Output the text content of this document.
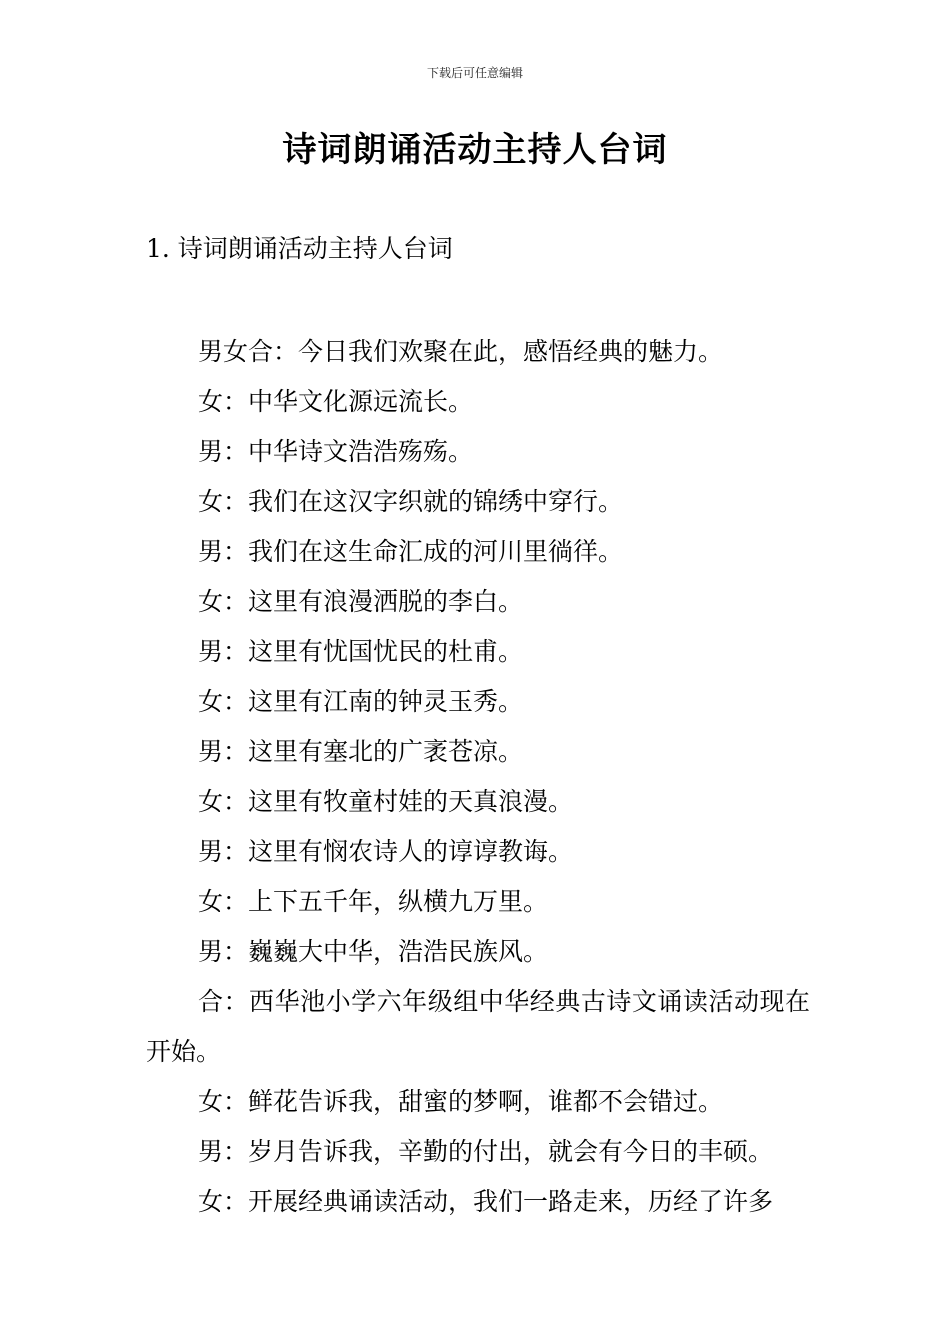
下载后可任意编辑
诗词朗诵活动主持人台词
1. 诗词朗诵活动主持人台词

男女合：今日我们欢聚在此，感悟经典的魅力。

女：中华文化源远流长。

男：中华诗文浩浩殇殇。

女：我们在这汉字织就的锦绣中穿行。

男：我们在这生命汇成的河川里徜徉。

女：这里有浪漫洒脱的李白。

男：这里有忧国忧民的杜甫。

女：这里有江南的钟灵玉秀。

男：这里有塞北的广袤苍凉。

女：这里有牧童村娃的天真浪漫。

男：这里有悯农诗人的谆谆教诲。

女：上下五千年，纵横九万里。

男：巍巍大中华，浩浩民族风。

合：西华池小学六年级组中华经典古诗文诵读活动现在开始。

女：鲜花告诉我，甜蜜的梦啊，谁都不会错过。

男：岁月告诉我，辛勤的付出，就会有今日的丰硕。

女：开展经典诵读活动，我们一路走来，历经了许多
